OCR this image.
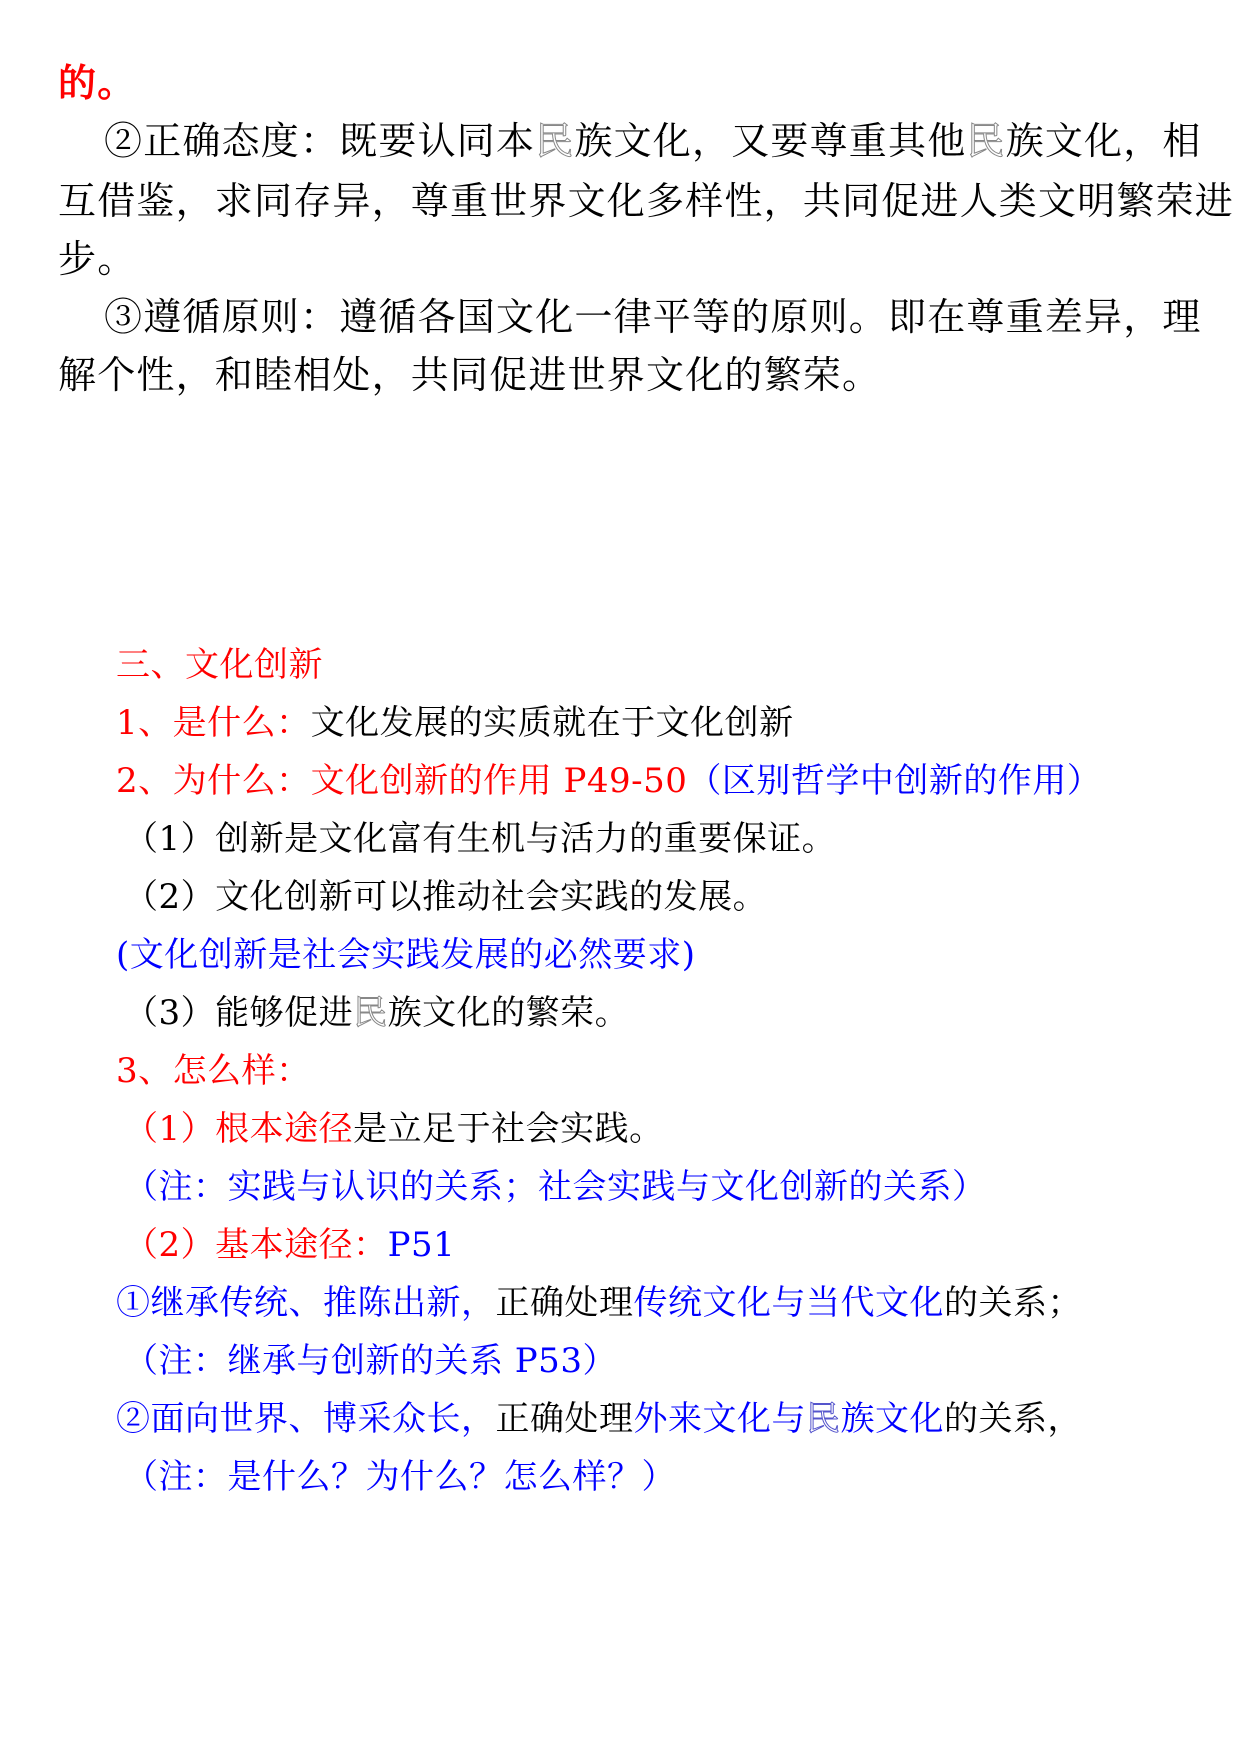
的。
②正确态度：既要认同本民族文化，又要尊重其他民族文化，相
互借鉴，求同存异，尊重世界文化多样性，共同促进人类文明繁荣进
步。
③遵循原则：遵循各国文化一律平等的原则。即在尊重差异，理
解个性，和睦相处，共同促进世界文化的繁荣。
三、文化创新
1、是什么：文化发展的实质就在于文化创新
2、为什么：文化创新的作用 P49-50（区别哲学中创新的作用）
（1）创新是文化富有生机与活力的重要保证。
（2）文化创新可以推动社会实践的发展。
(文化创新是社会实践发展的必然要求)
（3）能够促进民族文化的繁荣。
3、怎么样：
（1）根本途径是立足于社会实践。
（注：实践与认识的关系；社会实践与文化创新的关系）
（2）基本途径：P51
①继承传统、推陈出新，正确处理传统文化与当代文化的关系；
（注：继承与创新的关系 P53）
②面向世界、博采众长，正确处理外来文化与民族文化的关系，
（注：是什么？为什么？怎么样？）
